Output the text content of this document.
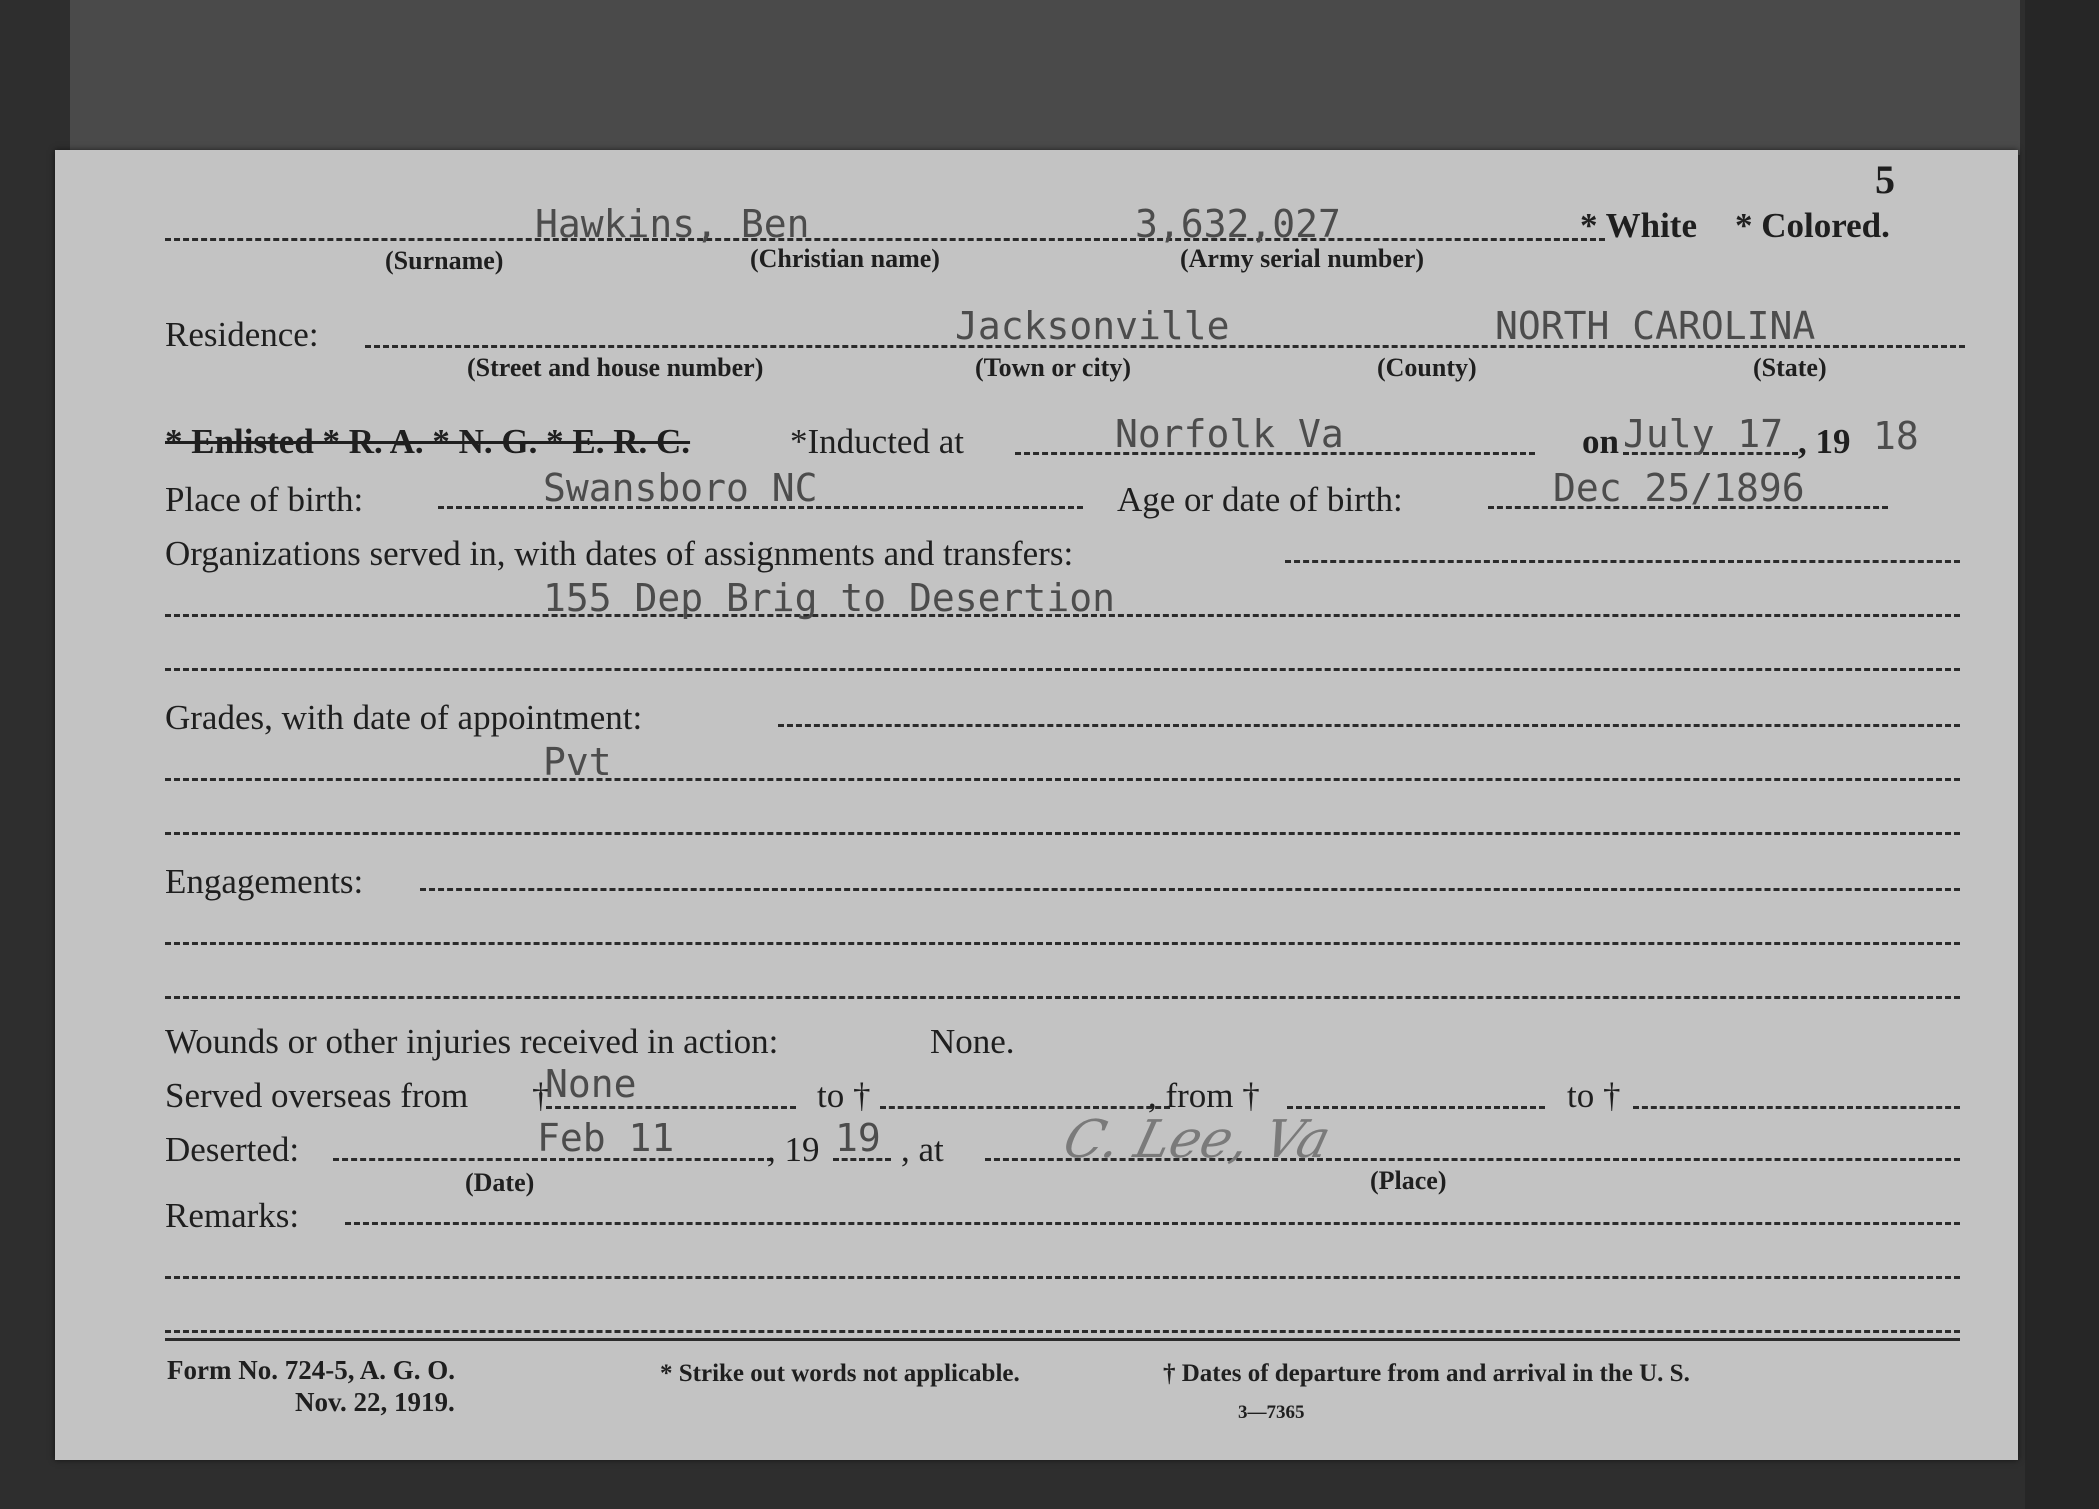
5
Hawkins, Ben	3,632,027	* White * Colored.
(Surname)	(Christian name)	(Army serial number)
Residence:	Jacksonville	NORTH CAROLINA
(Street and house number)	(Town or city)	(County)	(State)
* Enlisted * R. A. * N. G. * E. R. C.	*Inducted at	Norfolk Va	on July 17 , 19 18
Place of birth:	Swansboro NC	Age or date of birth:	Dec 25/1896
Organizations served in, with dates of assignments and transfers:
155 Dep Brig to Desertion
Grades, with date of appointment:
Pvt
Engagements:
Wounds or other injuries received in action:	None.
Served overseas from †
None	to †	, from †	to †
Deserted:	Feb 11	, 19 19 , at C. Lee, Va
(Date)	(Place)
Remarks:
Form No. 724-5, A. G. O.
Nov. 22, 1919.
* Strike out words not applicable.	† Dates of departure from and arrival in the U. S.
3—7365
